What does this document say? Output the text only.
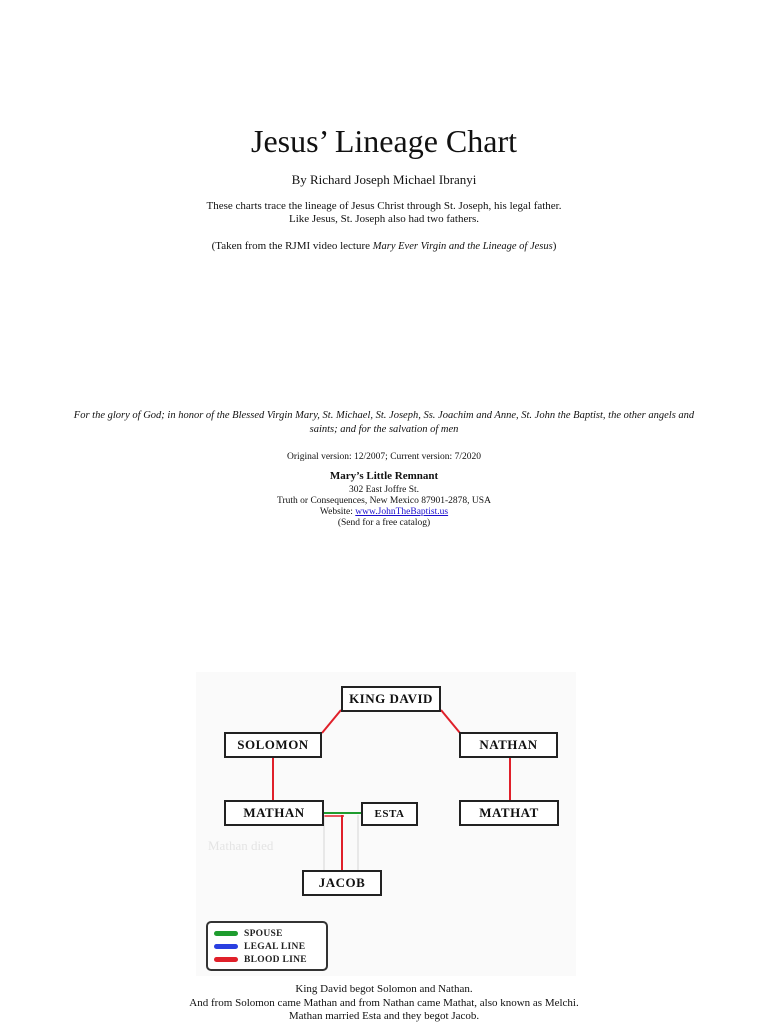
Jesus’ Lineage Chart
By Richard Joseph Michael Ibranyi
These charts trace the lineage of Jesus Christ through St. Joseph, his legal father.
Like Jesus, St. Joseph also had two fathers.
(Taken from the RJMI video lecture Mary Ever Virgin and the Lineage of Jesus)
For the glory of God; in honor of the Blessed Virgin Mary, St. Michael, St. Joseph, Ss. Joachim and Anne, St. John the Baptist, the other angels and saints; and for the salvation of men
Original version: 12/2007; Current version: 7/2020
Mary’s Little Remnant
302 East Joffre St.
Truth or Consequences, New Mexico 87901-2878, USA
Website: www.JohnTheBaptist.us
(Send for a free catalog)
Mathan died
KING DAVID
SOLOMON	NATHAN
MATHAN	ESTA	MATHAT
JACOB
SPOUSE
LEGAL LINE
BLOOD LINE
King David begot Solomon and Nathan.
And from Solomon came Mathan and from Nathan came Mathat, also known as Melchi.
Mathan married Esta and they begot Jacob.
